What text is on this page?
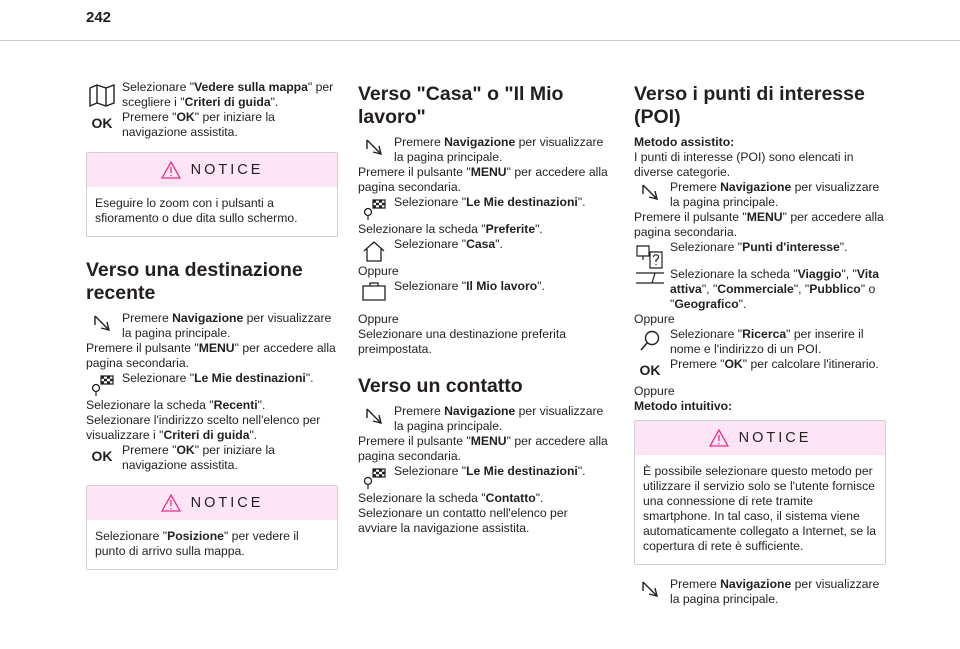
242

Selezionare "Vedere sulla mappa" per scegliere i "Criteri di guida".

OK Premere "OK" per iniziare la navigazione assistita.

NOTICE
Eseguire lo zoom con i pulsanti a sfioramento o due dita sullo schermo.
Verso una destinazione recente

Premere Navigazione per visualizzare la pagina principale.

Premere il pulsante "MENU" per accedere alla pagina secondaria.

Selezionare "Le Mie destinazioni".

Selezionare la scheda "Recenti".

Selezionare l'indirizzo scelto nell'elenco per visualizzare i "Criteri di guida".

OK Premere "OK" per iniziare la navigazione assistita.

NOTICE
Selezionare "Posizione" per vedere il punto di arrivo sulla mappa.
Verso "Casa" o "Il Mio lavoro"

Premere Navigazione per visualizzare la pagina principale.

Premere il pulsante "MENU" per accedere alla pagina secondaria.

Selezionare "Le Mie destinazioni".

Selezionare la scheda "Preferite".

Selezionare "Casa".

Oppure

Selezionare "Il Mio lavoro".

Oppure

Selezionare una destinazione preferita preimpostata.

Verso un contatto

Premere Navigazione per visualizzare la pagina principale.

Premere il pulsante "MENU" per accedere alla pagina secondaria.

Selezionare "Le Mie destinazioni".

Selezionare la scheda "Contatto".

Selezionare un contatto nell'elenco per avviare la navigazione assistita.

Verso i punti di interesse (POI)

Metodo assistito:

I punti di interesse (POI) sono elencati in diverse categorie.

Premere Navigazione per visualizzare la pagina principale.

Premere il pulsante "MENU" per accedere alla pagina secondaria.

Selezionare "Punti d'interesse".

Selezionare la scheda "Viaggio", "Vita attiva", "Commerciale", "Pubblico" o "Geografico".

Oppure

Selezionare "Ricerca" per inserire il nome e l'indirizzo di un POI.

OK Premere "OK" per calcolare l'itinerario.

Oppure

Metodo intuitivo:

NOTICE
È possibile selezionare questo metodo per utilizzare il servizio solo se l'utente fornisce una connessione di rete tramite smartphone. In tal caso, il sistema viene automaticamente collegato a Internet, se la copertura di rete è sufficiente.

Premere Navigazione per visualizzare la pagina principale.
